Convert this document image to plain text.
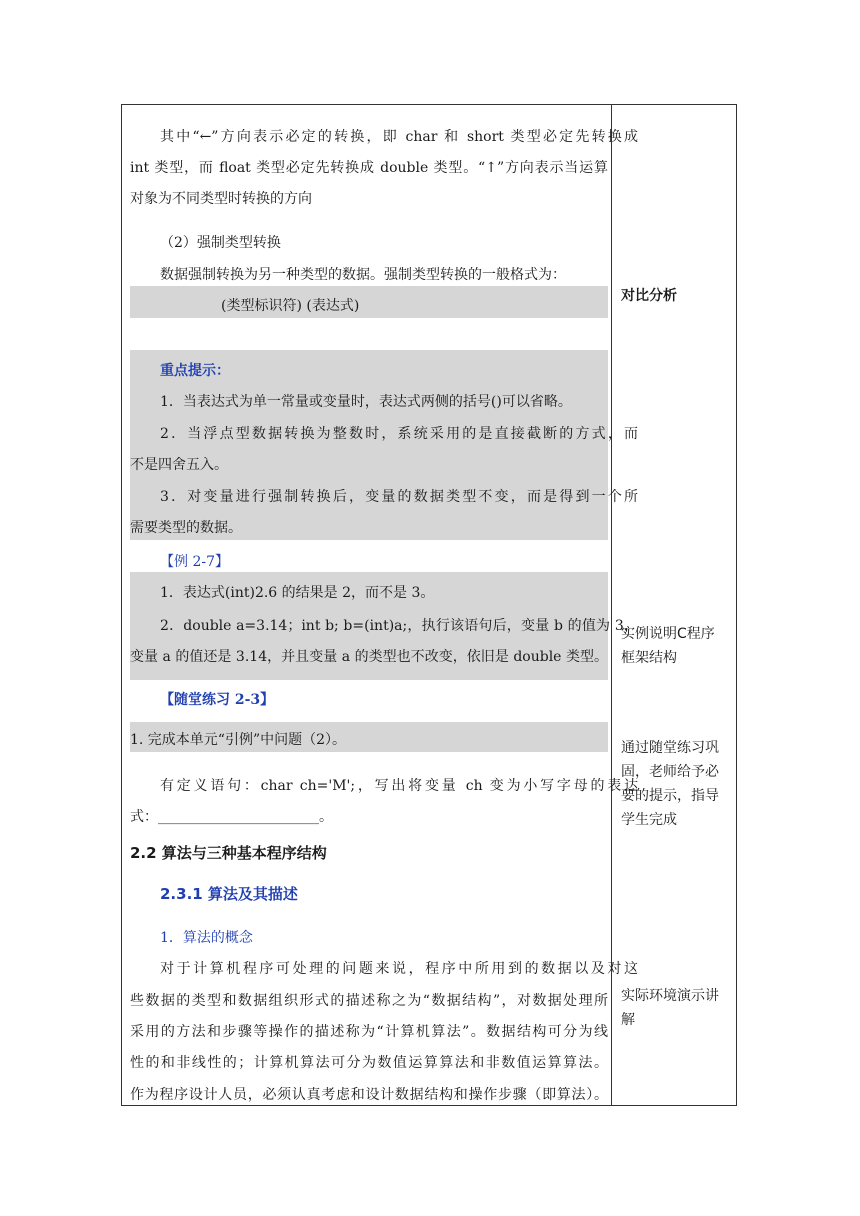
其中“←”方向表示必定的转换，即 char 和 short 类型必定先转换成
int 类型，而 float 类型必定先转换成 double 类型。“↑”方向表示当运算
对象为不同类型时转换的方向
（2）强制类型转换
数据强制转换为另一种类型的数据。强制类型转换的一般格式为：
(类型标识符) (表达式)
重点提示：
1．当表达式为单一常量或变量时，表达式两侧的括号()可以省略。
2．当浮点型数据转换为整数时，系统采用的是直接截断的方式，而
不是四舍五入。
3．对变量进行强制转换后，变量的数据类型不变，而是得到一个所
需要类型的数据。
【例 2-7】
1．表达式(int)2.6 的结果是 2，而不是 3。
2．double a=3.14；int b; b=(int)a;，执行该语句后，变量 b 的值为 3，
变量 a 的值还是 3.14，并且变量 a 的类型也不改变，依旧是 double 类型。
【随堂练习 2-3】
1. 完成本单元“引例”中问题（2）。
有定义语句：char ch='M';，写出将变量 ch 变为小写字母的表达
式：_______________________。
2.2 算法与三种基本程序结构
2.3.1 算法及其描述
1．算法的概念
对于计算机程序可处理的问题来说，程序中所用到的数据以及对这
些数据的类型和数据组织形式的描述称之为“数据结构”，对数据处理所
采用的方法和步骤等操作的描述称为“计算机算法”。数据结构可分为线
性的和非线性的；计算机算法可分为数值运算算法和非数值运算算法。
作为程序设计人员，必须认真考虑和设计数据结构和操作步骤（即算法）。
对比分析
实例说明C程序
框架结构
通过随堂练习巩
固，老师给予必
要的提示，指导
学生完成
实际环境演示讲
解
